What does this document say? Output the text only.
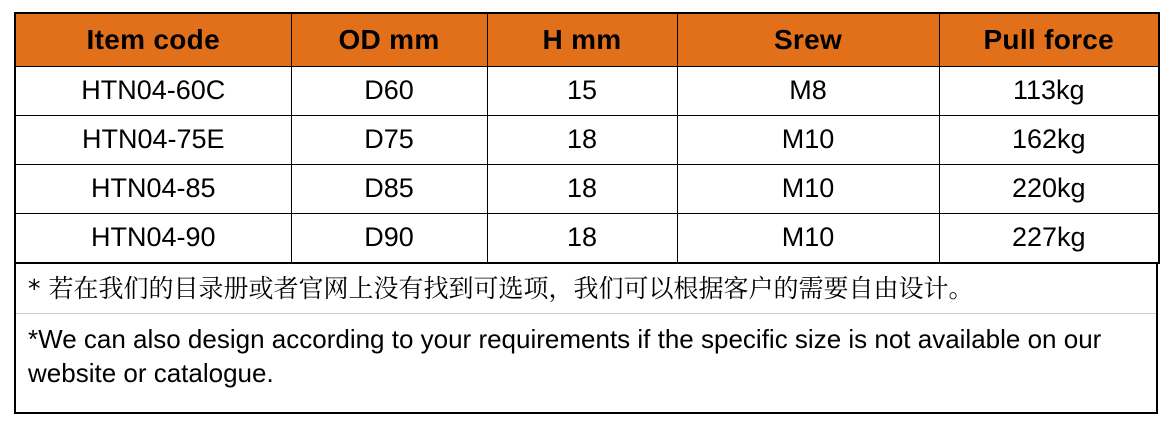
Item code	OD mm	H mm	Srew	Pull force
HTN04-60C	D60	15	M8	113kg
HTN04-75E	D75	18	M10	162kg
HTN04-85	D85	18	M10	220kg
HTN04-90	D90	18	M10	227kg
* 若在我们的目录册或者官网上没有找到可选项，我们可以根据客户的需要自由设计。
*We can also design according to your requirements if the specific size is not available on our website or catalogue.
